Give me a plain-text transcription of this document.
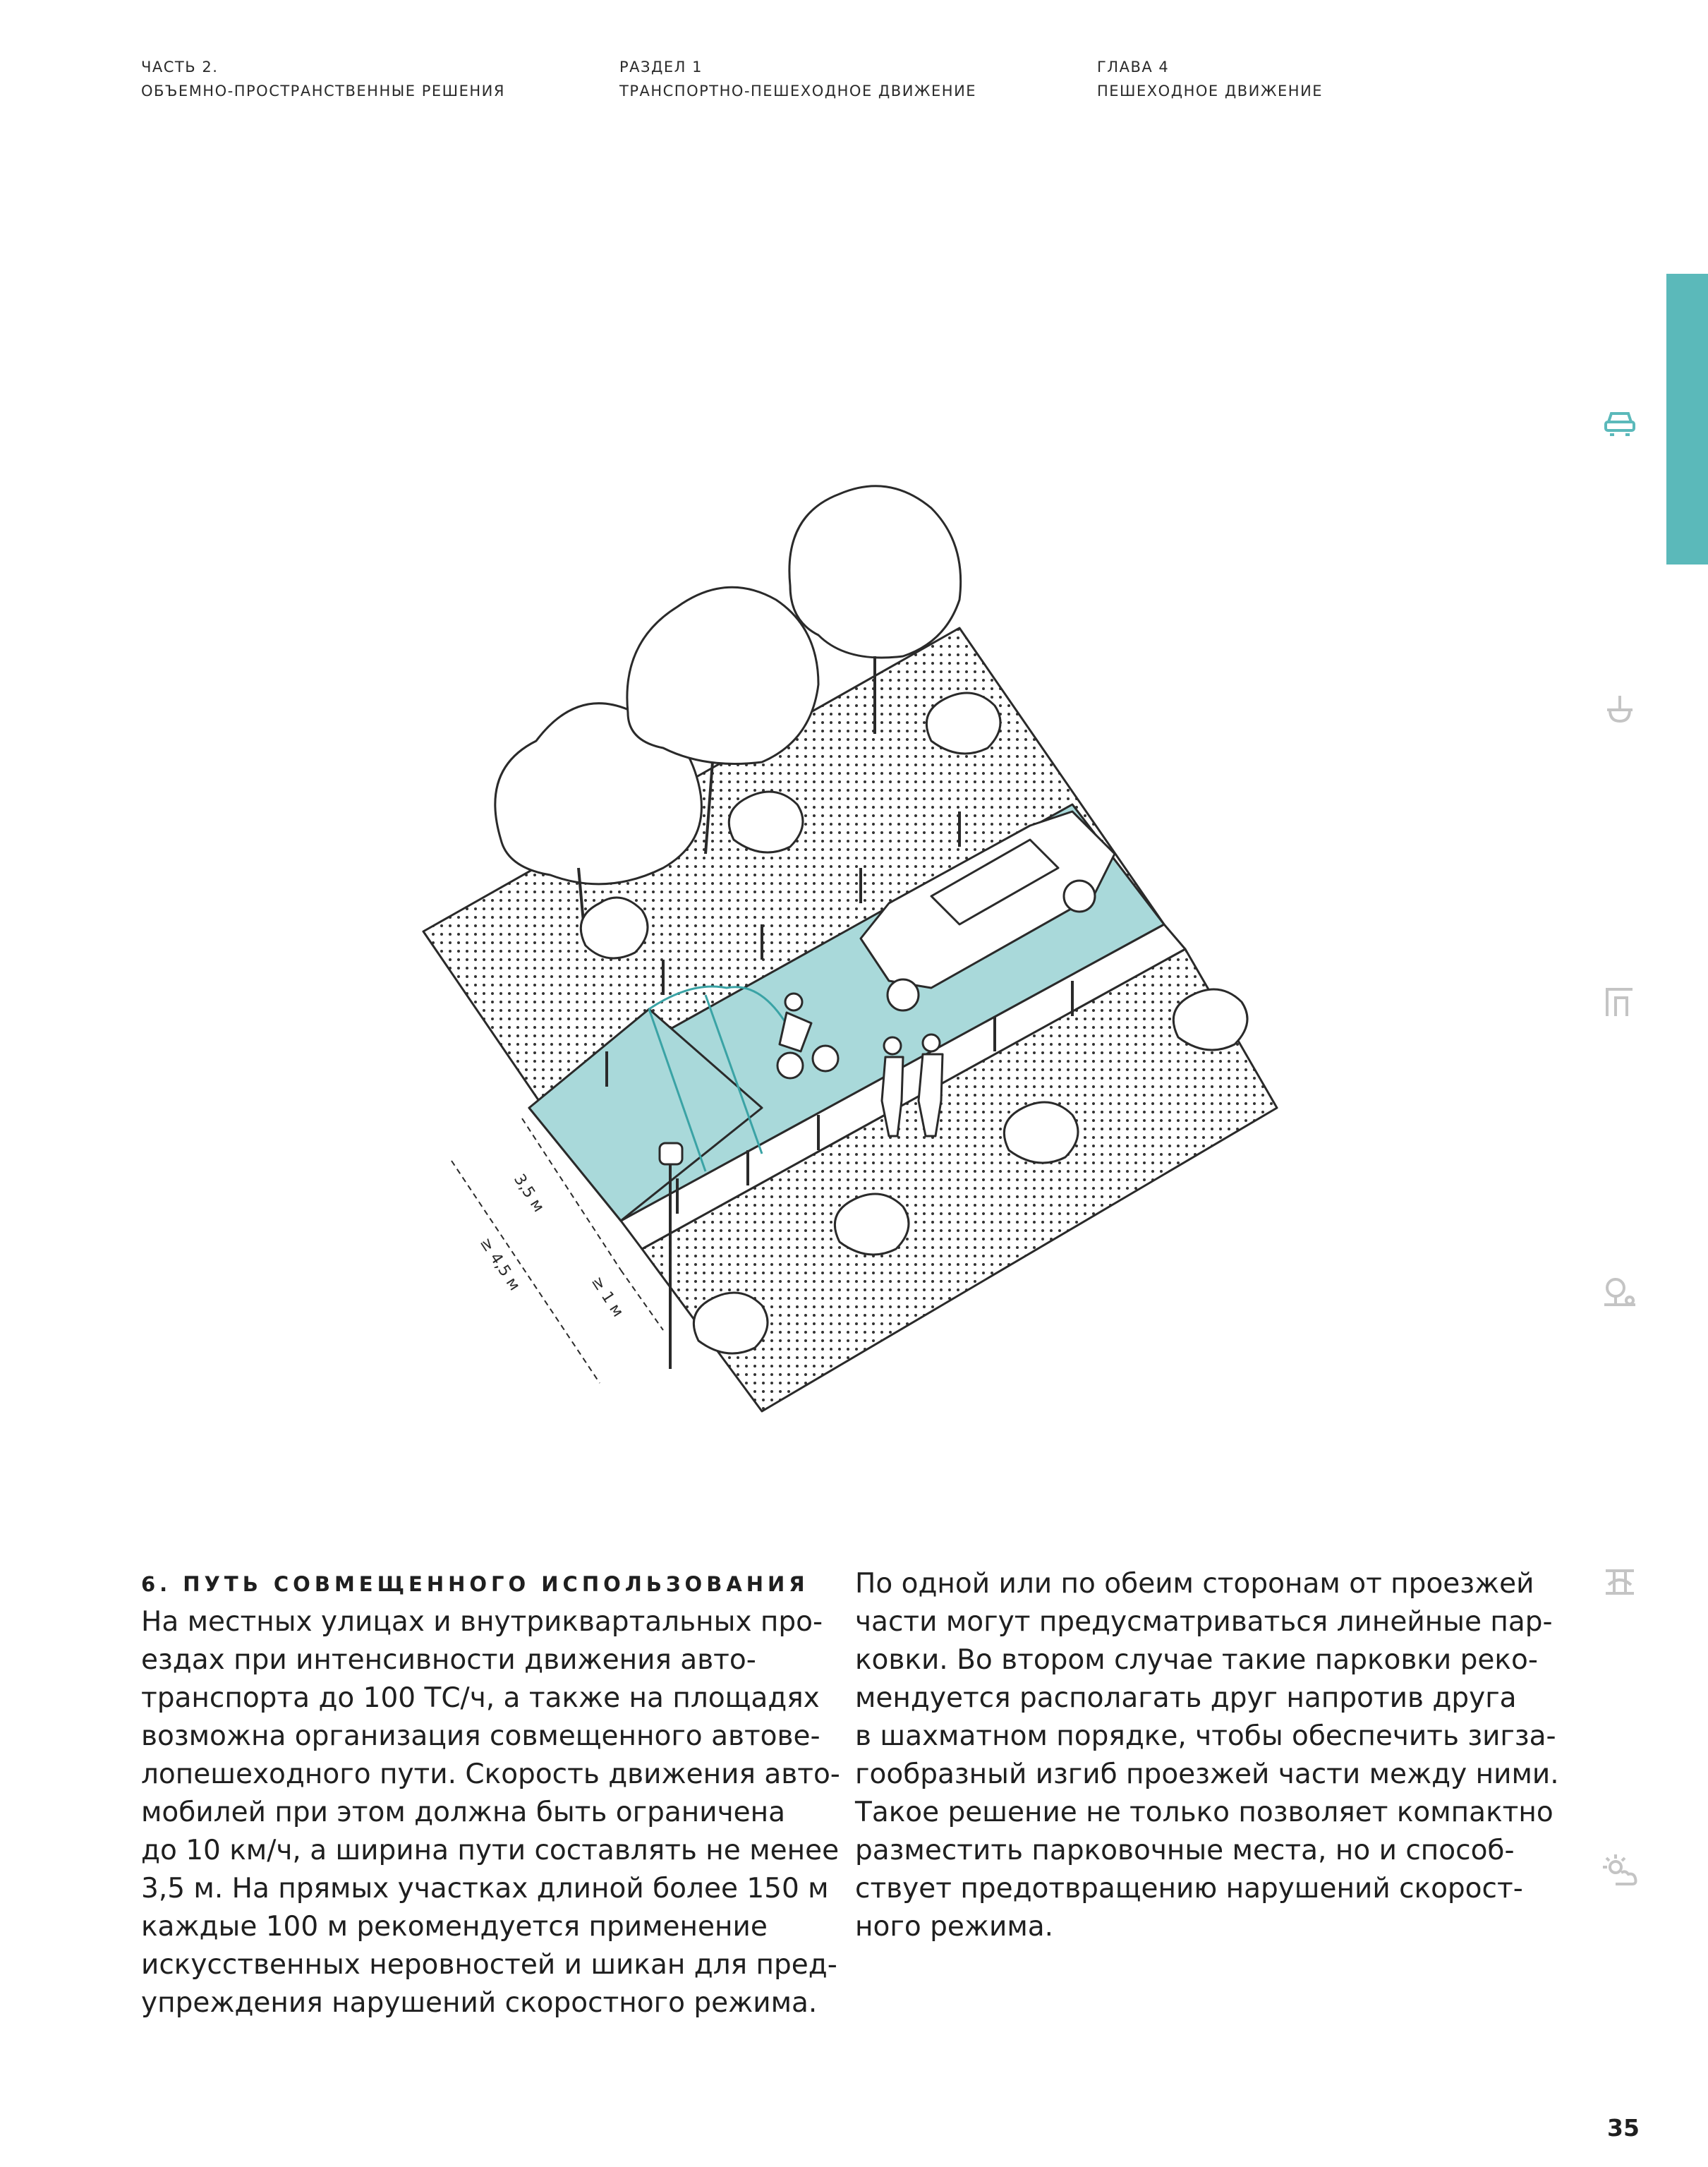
ЧАСТЬ 2.
ОБЪЕМНО-ПРОСТРАНСТВЕННЫЕ РЕШЕНИЯ
РАЗДЕЛ 1
ТРАНСПОРТНО-ПЕШЕХОДНОЕ ДВИЖЕНИЕ
ГЛАВА 4
ПЕШЕХОДНОЕ ДВИЖЕНИЕ
3,5 м
≥ 4,5 м
≥ 1 м
6. ПУТЬ СОВМЕЩЕННОГО ИСПОЛЬЗОВАНИЯ

На местных улицах и внутриквартальных про-
ездах при интенсивности движения авто-
транспорта до 100 ТС/ч, а также на площадях
возможна организация совмещенного автове-
лопешеходного пути. Скорость движения авто-
мобилей при этом должна быть ограничена
до 10 км/ч, а ширина пути составлять не менее
3,5 м. На прямых участках длиной более 150 м
каждые 100 м рекомендуется применение
искусственных неровностей и шикан для пред-
упреждения нарушений скоростного режима.

По одной или по обеим сторонам от проезжей
части могут предусматриваться линейные пар-
ковки. Во втором случае такие парковки реко-
мендуется располагать друг напротив друга
в шахматном порядке, чтобы обеспечить зигза-
гообразный изгиб проезжей части между ними.
Такое решение не только позволяет компактно
разместить парковочные места, но и способ-
ствует предотвращению нарушений скорост-
ного режима.

35
